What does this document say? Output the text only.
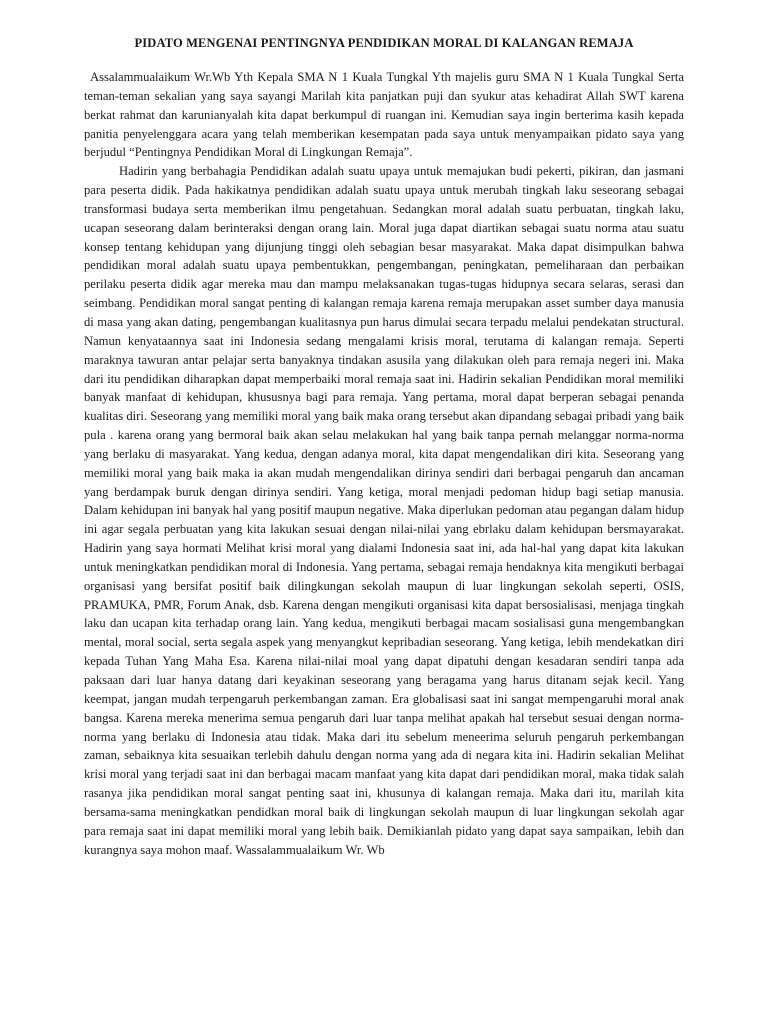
PIDATO MENGENAI PENTINGNYA PENDIDIKAN MORAL DI KALANGAN REMAJA

Assalammualaikum Wr.Wb Yth Kepala SMA N 1 Kuala Tungkal Yth majelis guru SMA N 1 Kuala Tungkal Serta teman-teman sekalian yang saya sayangi Marilah kita panjatkan puji dan syukur atas kehadirat Allah SWT karena berkat rahmat dan karunianyalah kita dapat berkumpul di ruangan ini. Kemudian saya ingin berterima kasih kepada panitia penyelenggara acara yang telah memberikan kesempatan pada saya untuk menyampaikan pidato saya yang berjudul “Pentingnya Pendidikan Moral di Lingkungan Remaja”.

Hadirin yang berbahagia Pendidikan adalah suatu upaya untuk memajukan budi pekerti, pikiran, dan jasmani para peserta didik. Pada hakikatnya pendidikan adalah suatu upaya untuk merubah tingkah laku seseorang sebagai transformasi budaya serta memberikan ilmu pengetahuan. Sedangkan moral adalah suatu perbuatan, tingkah laku, ucapan seseorang dalam berinteraksi dengan orang lain. Moral juga dapat diartikan sebagai suatu norma atau suatu konsep tentang kehidupan yang dijunjung tinggi oleh sebagian besar masyarakat. Maka dapat disimpulkan bahwa pendidikan moral adalah suatu upaya pembentukkan, pengembangan, peningkatan, pemeliharaan dan perbaikan perilaku peserta didik agar mereka mau dan mampu melaksanakan tugas-tugas hidupnya secara selaras, serasi dan seimbang. Pendidikan moral sangat penting di kalangan remaja karena remaja merupakan asset sumber daya manusia di masa yang akan dating, pengembangan kualitasnya pun harus dimulai secara terpadu melalui pendekatan structural. Namun kenyataannya saat ini Indonesia sedang mengalami krisis moral, terutama di kalangan remaja. Seperti maraknya tawuran antar pelajar serta banyaknya tindakan asusila yang dilakukan oleh para remaja negeri ini. Maka dari itu pendidikan diharapkan dapat memperbaiki moral remaja saat ini. Hadirin sekalian Pendidikan moral memiliki banyak manfaat di kehidupan, khususnya bagi para remaja. Yang pertama, moral dapat berperan sebagai penanda kualitas diri. Seseorang yang memiliki moral yang baik maka orang tersebut akan dipandang sebagai pribadi yang baik pula . karena orang yang bermoral baik akan selau melakukan hal yang baik tanpa pernah melanggar norma-norma yang berlaku di masyarakat. Yang kedua, dengan adanya moral, kita dapat mengendalikan diri kita. Seseorang yang memiliki moral yang baik maka ia akan mudah mengendalikan dirinya sendiri dari berbagai pengaruh dan ancaman yang berdampak buruk dengan dirinya sendiri. Yang ketiga, moral menjadi pedoman hidup bagi setiap manusia. Dalam kehidupan ini banyak hal yang positif maupun negative. Maka diperlukan pedoman atau pegangan dalam hidup ini agar segala perbuatan yang kita lakukan sesuai dengan nilai-nilai yang ebrlaku dalam kehidupan bersmayarakat. Hadirin yang saya hormati Melihat krisi moral yang dialami Indonesia saat ini, ada hal-hal yang dapat kita lakukan untuk meningkatkan pendidikan moral di Indonesia. Yang pertama, sebagai remaja hendaknya kita mengikuti berbagai organisasi yang bersifat positif baik dilingkungan sekolah maupun di luar lingkungan sekolah seperti, OSIS, PRAMUKA, PMR, Forum Anak, dsb. Karena dengan mengikuti organisasi kita dapat bersosialisasi, menjaga tingkah laku dan ucapan kita terhadap orang lain. Yang kedua, mengikuti berbagai macam sosialisasi guna mengembangkan mental, moral social, serta segala aspek yang menyangkut kepribadian seseorang. Yang ketiga, lebih mendekatkan diri kepada Tuhan Yang Maha Esa. Karena nilai-nilai moal yang dapat dipatuhi dengan kesadaran sendiri tanpa ada paksaan dari luar hanya datang dari keyakinan seseorang yang beragama yang harus ditanam sejak kecil. Yang keempat, jangan mudah terpengaruh perkembangan zaman. Era globalisasi saat ini sangat mempengaruhi moral anak bangsa. Karena mereka menerima semua pengaruh dari luar tanpa melihat apakah hal tersebut sesuai dengan norma-norma yang berlaku di Indonesia atau tidak. Maka dari itu sebelum meneerima seluruh pengaruh perkembangan zaman, sebaiknya kita sesuaikan terlebih dahulu dengan norma yang ada di negara kita ini. Hadirin sekalian Melihat krisi moral yang terjadi saat ini dan berbagai macam manfaat yang kita dapat dari pendidikan moral, maka tidak salah rasanya jika pendidikan moral sangat penting saat ini, khusunya di kalangan remaja. Maka dari itu, marilah kita bersama-sama meningkatkan pendidkan moral baik di lingkungan sekolah maupun di luar lingkungan sekolah agar para remaja saat ini dapat memiliki moral yang lebih baik. Demikianlah pidato yang dapat saya sampaikan, lebih dan kurangnya saya mohon maaf. Wassalammualaikum Wr. Wb
